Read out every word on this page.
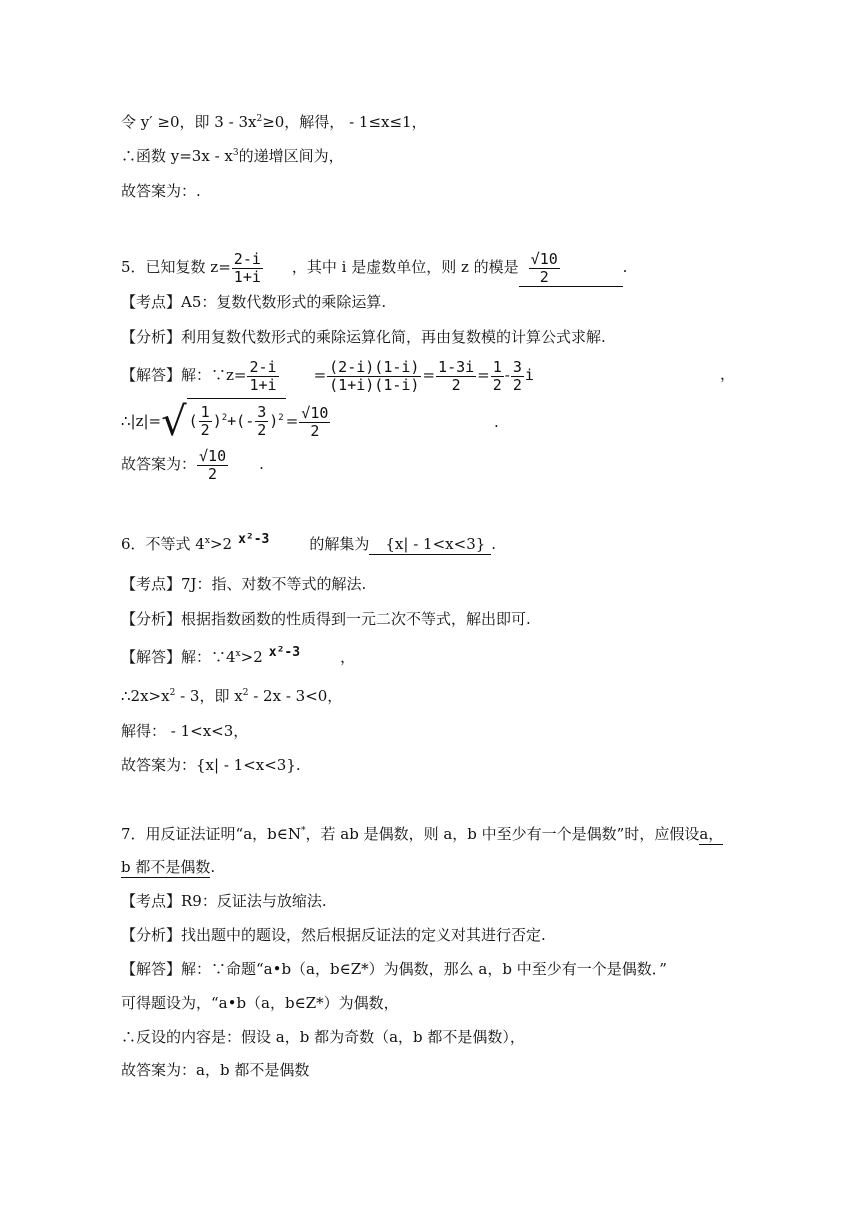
令 y′ ≥0，即 $3 - 3x^2\ge 0$，解得， - 1≤x≤1，
∴函数 $y=3x - x^3$的递增区间为，
故答案为：.
5．已知复数 $z= \frac{2-i}{1+i}$ ，其中 i 是虚数单位，则 z 的模是 $\frac{√10}{2}$	.
【考点】A5：复数代数形式的乘除运算.
【分析】利用复数代数形式的乘除运算化简，再由复数模的计算公式求解.
【解答】解：∵z= $\frac{2-i}{1+i} = \frac{(2-i)(1-i)}{(1+i)(1-i)} = \frac{1-3i}{2} = \frac{1}{2} - \frac{3}{2}$ i	，
∴|z|=√ ( $\frac{1}{2} )^2+(- \frac{3}{2} )^2 = \frac{√10}{2}$	.
故答案为： $\frac{√10}{2}$ .
6．不等式 $4^x>2$ x²-3	的解集为 {x| - 1<x<3} .
【考点】7J：指、对数不等式的解法.
【分析】根据指数函数的性质得到一元二次不等式，解出即可.
【解答】解：$\because 4^x>2$ x²-3	，
$\therefore 2x>x^2 - 3$，即 $x^2 - 2x - 3<0$，
解得： - 1<x<3，
故答案为：{x| - 1<x<3}.
7．用反证法证明“a，b∈N*，若 ab 是偶数，则 a，b 中至少有一个是偶数”时，应假设a，
b 都不是偶数.
【考点】R9：反证法与放缩法.
【分析】找出题中的题设，然后根据反证法的定义对其进行否定.
【解答】解：∵命题“a•b（a，b∈Z*）为偶数，那么 a，b 中至少有一个是偶数．”
可得题设为，“a•b（a，b∈Z*）为偶数，
∴反设的内容是：假设 a，b 都为奇数（a，b 都不是偶数），
故答案为：a，b 都不是偶数
